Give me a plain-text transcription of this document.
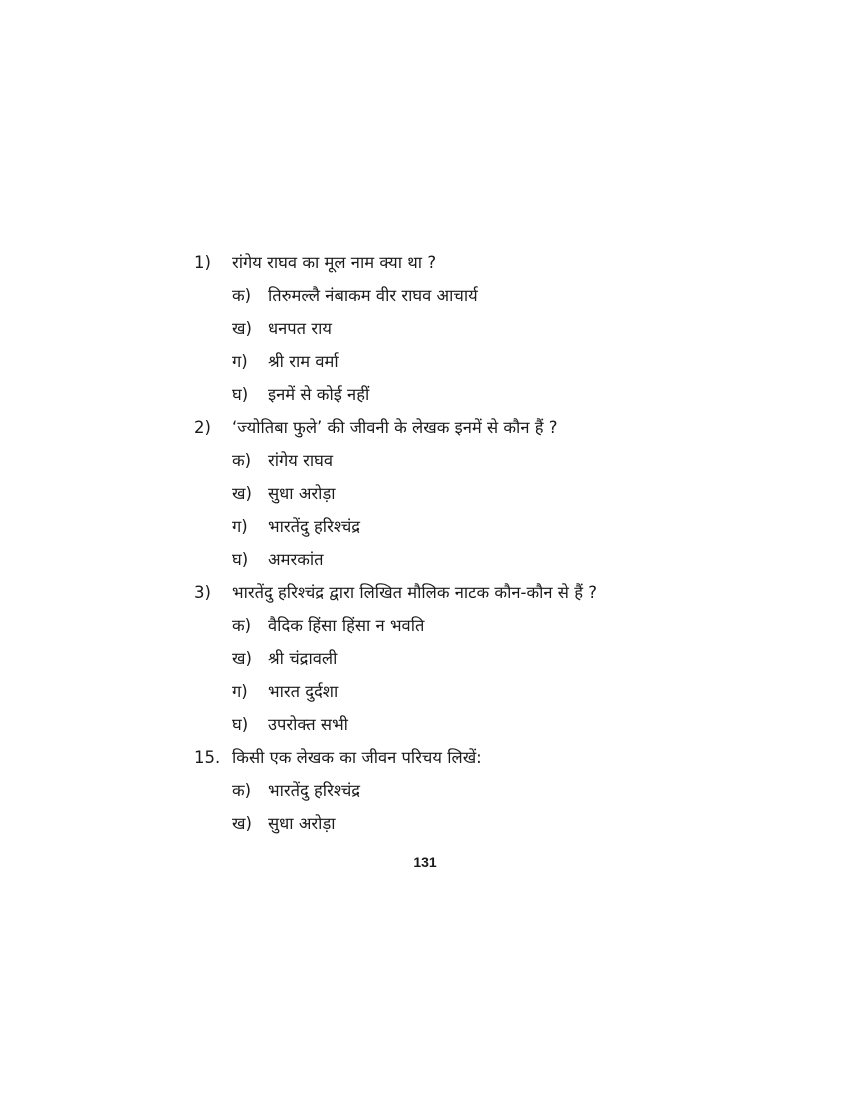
1) रांगेय राघव का मूल नाम क्या था ?
क) तिरुमल्लै नंबाकम वीर राघव आचार्य
ख) धनपत राय
ग) श्री राम वर्मा
घ) इनमें से कोई नहीं
2) ‘ज्योतिबा फुले’ की जीवनी के लेखक इनमें से कौन हैं ?
क) रांगेय राघव
ख) सुधा अरोड़ा
ग) भारतेंदु हरिश्चंद्र
घ) अमरकांत
3) भारतेंदु हरिश्चंद्र द्वारा लिखित मौलिक नाटक कौन-कौन से हैं ?
क) वैदिक हिंसा हिंसा न भवति
ख) श्री चंद्रावली
ग) भारत दुर्दशा
घ) उपरोक्त सभी
15. किसी एक लेखक का जीवन परिचय लिखें:
क) भारतेंदु हरिश्चंद्र
ख) सुधा अरोड़ा
131
